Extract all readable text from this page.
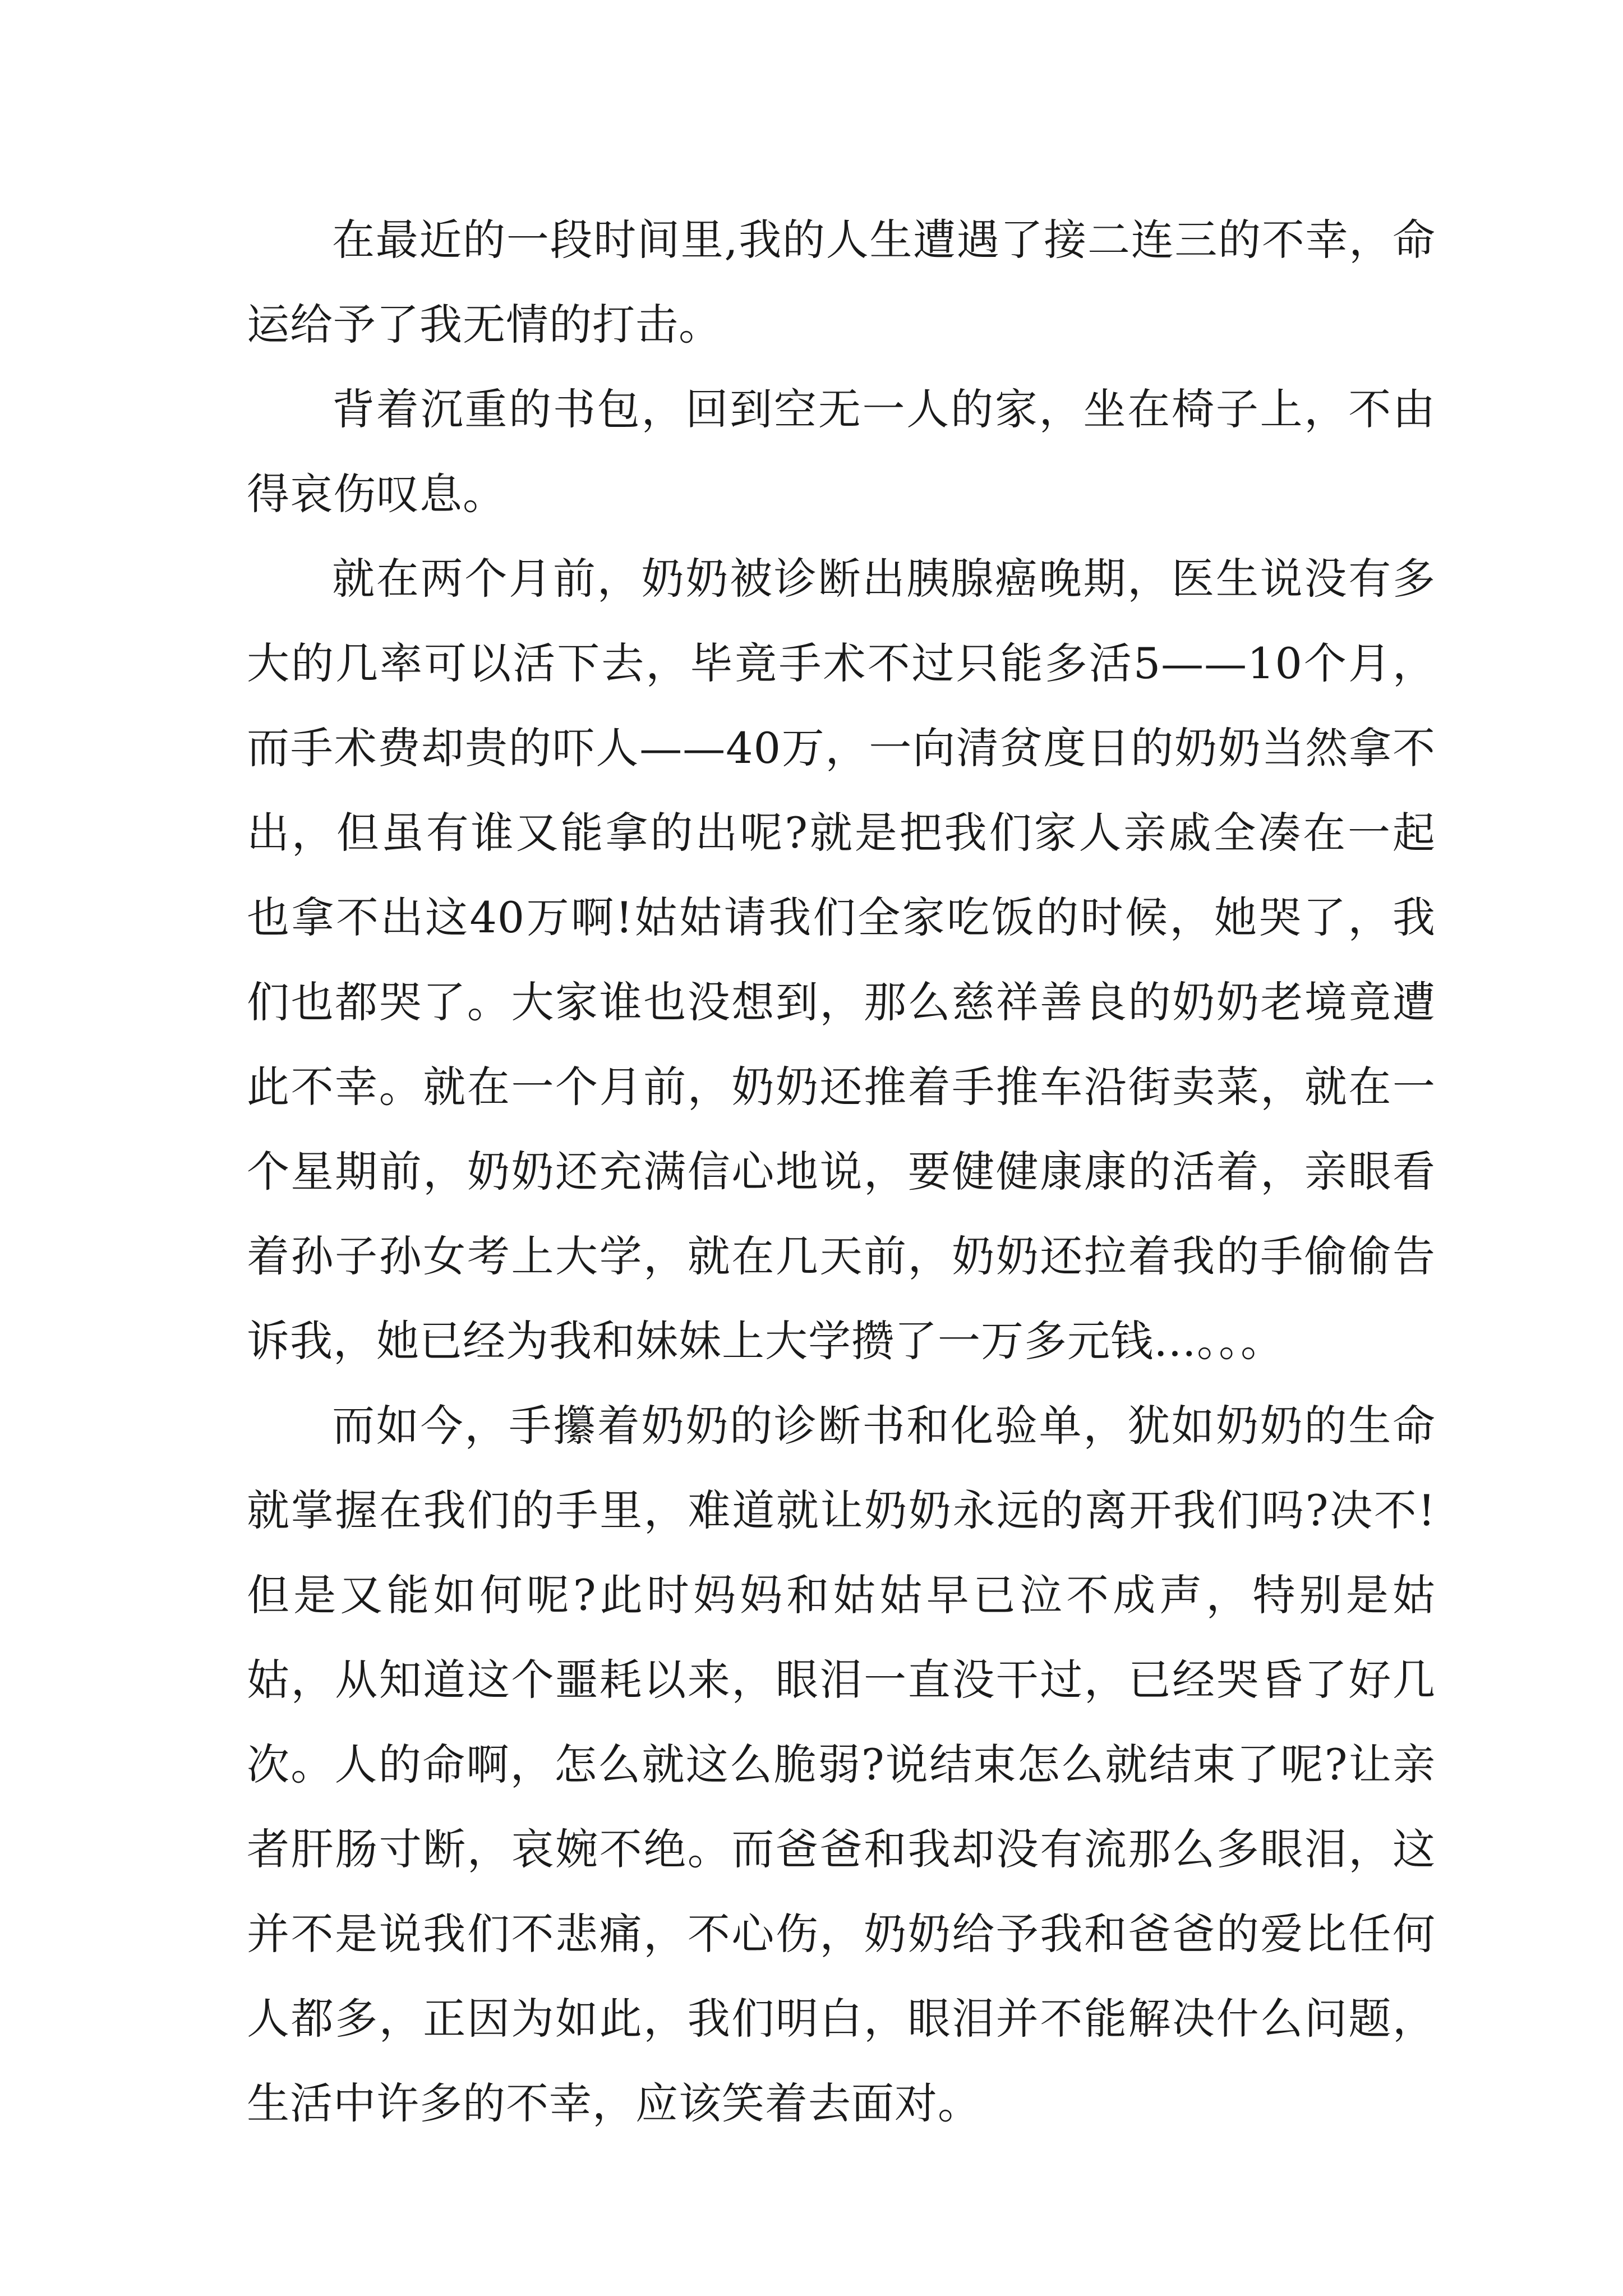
在最近的一段时间里,我的人生遭遇了接二连三的不幸，命运给予了我无情的打击。

背着沉重的书包，回到空无一人的家，坐在椅子上，不由得哀伤叹息。

就在两个月前，奶奶被诊断出胰腺癌晚期，医生说没有多大的几率可以活下去，毕竟手术不过只能多活5——10个月，而手术费却贵的吓人——40万，一向清贫度日的奶奶当然拿不出，但虽有谁又能拿的出呢?就是把我们家人亲戚全凑在一起也拿不出这40万啊!姑姑请我们全家吃饭的时候，她哭了，我们也都哭了。大家谁也没想到，那么慈祥善良的奶奶老境竟遭此不幸。就在一个月前，奶奶还推着手推车沿街卖菜，就在一个星期前，奶奶还充满信心地说，要健健康康的活着，亲眼看着孙子孙女考上大学，就在几天前，奶奶还拉着我的手偷偷告诉我，她已经为我和妹妹上大学攒了一万多元钱…。。。

而如今，手攥着奶奶的诊断书和化验单，犹如奶奶的生命就掌握在我们的手里，难道就让奶奶永远的离开我们吗?决不!但是又能如何呢?此时妈妈和姑姑早已泣不成声，特别是姑姑，从知道这个噩耗以来，眼泪一直没干过，已经哭昏了好几次。人的命啊，怎么就这么脆弱?说结束怎么就结束了呢?让亲者肝肠寸断，哀婉不绝。而爸爸和我却没有流那么多眼泪，这并不是说我们不悲痛，不心伤，奶奶给予我和爸爸的爱比任何人都多，正因为如此，我们明白，眼泪并不能解决什么问题，生活中许多的不幸，应该笑着去面对。
